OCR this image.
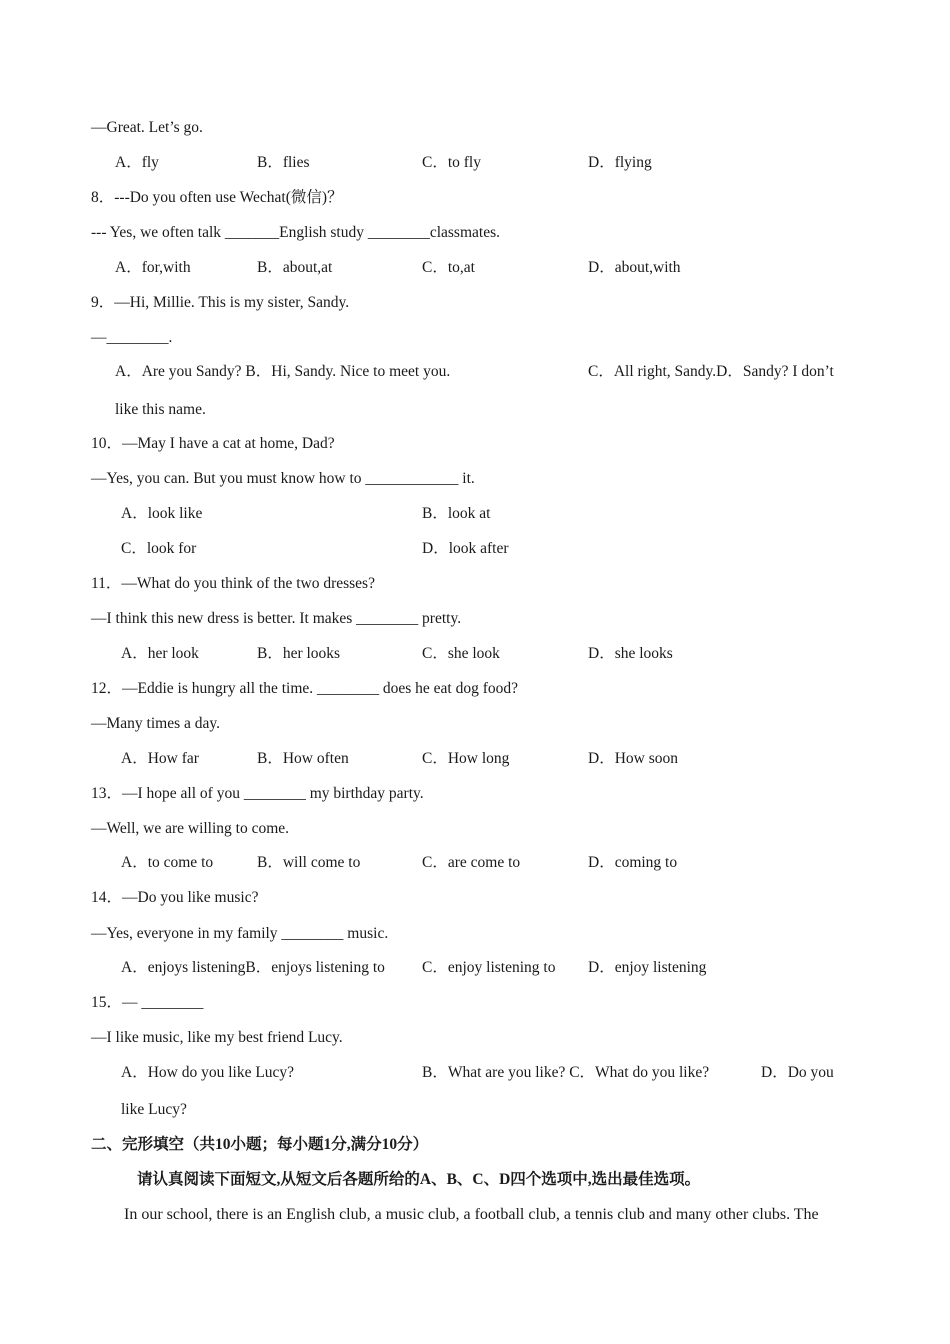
—Great. Let’s go.
A．fly	B．flies	C．to fly	D．flying
8．---Do you often use Wechat(微信)？
--- Yes, we often talk _______English study ________classmates.
A．for,with	B．about,at	C．to,at	D．about,with
9．—Hi, Millie. This is my sister, Sandy.
—________.
A．Are you Sandy? B．Hi, Sandy. Nice to meet you.	C．All right, Sandy.D．Sandy? I don’t
like this name.
10．—May I have a cat at home, Dad?
—Yes, you can. But you must know how to ____________ it.
A．look like	B．look at
C．look for	D．look after
11．—What do you think of the two dresses?
—I think this new dress is better. It makes ________ pretty.
A．her look	B．her looks	C．she look	D．she looks
12．—Eddie is hungry all the time. ________ does he eat dog food?
—Many times a day.
A．How far	B．How often	C．How long	D．How soon
13．—I hope all of you ________ my birthday party.
—Well, we are willing to come.
A．to come to	B．will come to	C．are come to	D．coming to
14．—Do you like music?
—Yes, everyone in my family ________ music.
A．enjoys listeningB．enjoys listening to C．enjoy listening to D．enjoy listening
15．— ________
—I like music, like my best friend Lucy.
A．How do you like Lucy?	B．What are you like? C．What do you like?	D．Do you
like Lucy?
二、完形填空（共10小题；每小题1分,满分10分）
请认真阅读下面短文,从短文后各题所给的A、B、C、D四个选项中,选出最佳选项。
In our school, there is an English club, a music club, a football club, a tennis club and many other clubs. The
